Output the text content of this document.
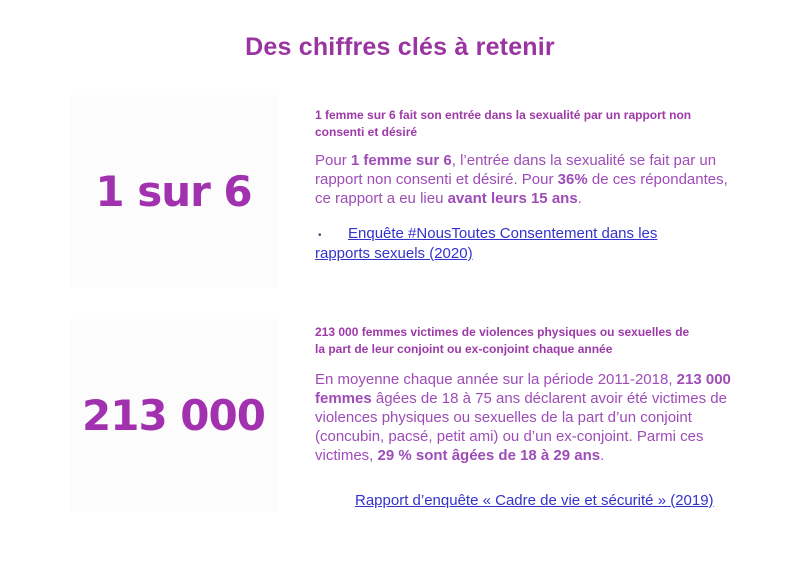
Des chiffres clés à retenir
1 sur 6
1 femme sur 6 fait son entrée dans la sexualité par un rapport non
consenti et désiré

Pour 1 femme sur 6, l’entrée dans la sexualité se fait par un rapport non consenti et désiré. Pour 36% de ces répondantes, ce rapport a eu lieu avant leurs 15 ans.

• Enquête #NousToutes Consentement dans les
rapports sexuels (2020)
213 000
213 000 femmes victimes de violences physiques ou sexuelles de
la part de leur conjoint ou ex-conjoint chaque année

En moyenne chaque année sur la période 2011-2018, 213 000 femmes âgées de 18 à 75 ans déclarent avoir été victimes de violences physiques ou sexuelles de la part d’un conjoint (concubin, pacsé, petit ami) ou d’un ex-conjoint. Parmi ces victimes, 29 % sont âgées de 18 à 29 ans.

Rapport d’enquête « Cadre de vie et sécurité » (2019)
